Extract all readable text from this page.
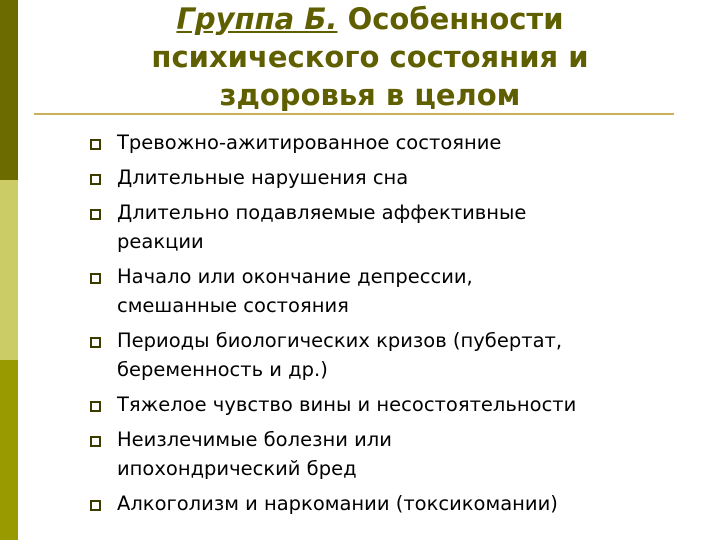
Группа Б. Особенности
психического состояния и
здоровья в целом
Тревожно-ажитированное состояние
Длительные нарушения сна
Длительно подавляемые аффективные
реакции
Начало или окончание депрессии,
смешанные состояния
Периоды биологических кризов (пубертат,
беременность и др.)
Тяжелое чувство вины и несостоятельности
Неизлечимые болезни или
ипохондрический бред
Алкоголизм и наркомании (токсикомании)
